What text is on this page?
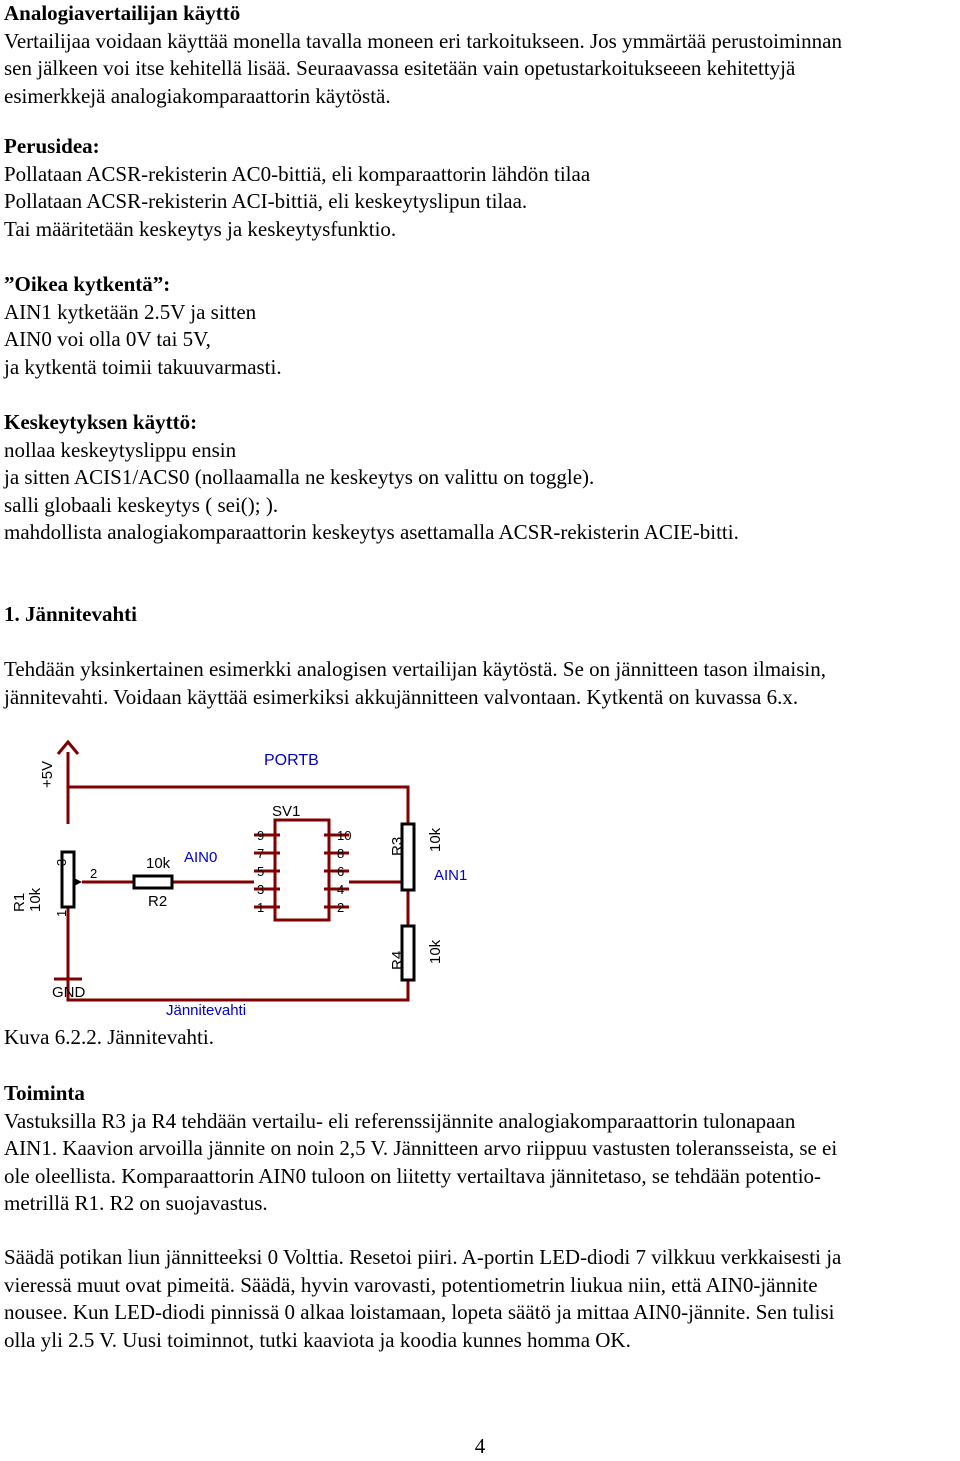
Analogiavertailijan käyttö
Vertailijaa voidaan käyttää monella tavalla moneen eri tarkoitukseen. Jos ymmärtää perustoiminnan
sen jälkeen voi itse kehitellä lisää. Seuraavassa esitetään vain opetustarkoitukseeen kehitettyjä
esimerkkejä analogiakomparaattorin käytöstä.
Perusidea:
Pollataan ACSR-rekisterin AC0-bittiä, eli komparaattorin lähdön tilaa
Pollataan ACSR-rekisterin ACI-bittiä, eli keskeytyslipun tilaa.
Tai määritetään keskeytys ja keskeytysfunktio.
”Oikea kytkentä”:
AIN1 kytketään 2.5V ja sitten
AIN0 voi olla 0V tai 5V,
ja kytkentä toimii takuuvarmasti.
Keskeytyksen käyttö:
nollaa keskeytyslippu ensin
ja sitten ACIS1/ACS0 (nollaamalla ne keskeytys on valittu on toggle).
salli globaali keskeytys ( sei(); ).
mahdollista analogiakomparaattorin keskeytys asettamalla ACSR-rekisterin ACIE-bitti.
1. Jännitevahti
Tehdään yksinkertainen esimerkki analogisen vertailijan käytöstä. Se on jännitteen tason ilmaisin,
jännitevahti. Voidaan käyttää esimerkiksi akkujännitteen valvontaan. Kytkentä on kuvassa 6.x.
+5V
GND
R1 10k
3
1
2
10k
R2
AIN0
SV1
PORTB
9
7
5
3
1
10
8
6
4
2
R3 10k
AIN1
R4 10k
Jännitevahti
Kuva 6.2.2. Jännitevahti.
Toiminta
Vastuksilla R3 ja R4 tehdään vertailu- eli referenssijännite analogiakomparaattorin tulonapaan
AIN1. Kaavion arvoilla jännite on noin 2,5 V. Jännitteen arvo riippuu vastusten toleransseista, se ei
ole oleellista. Komparaattorin AIN0 tuloon on liitetty vertailtava jännitetaso, se tehdään potentio-
metrillä R1. R2 on suojavastus.
Säädä potikan liun jännitteeksi 0 Volttia. Resetoi piiri. A-portin LED-diodi 7 vilkkuu verkkaisesti ja
vieressä muut ovat pimeitä. Säädä, hyvin varovasti, potentiometrin liukua niin, että AIN0-jännite
nousee. Kun LED-diodi pinnissä 0 alkaa loistamaan, lopeta säätö ja mittaa AIN0-jännite. Sen tulisi
olla yli 2.5 V. Uusi toiminnot, tutki kaaviota ja koodia kunnes homma OK.
4
